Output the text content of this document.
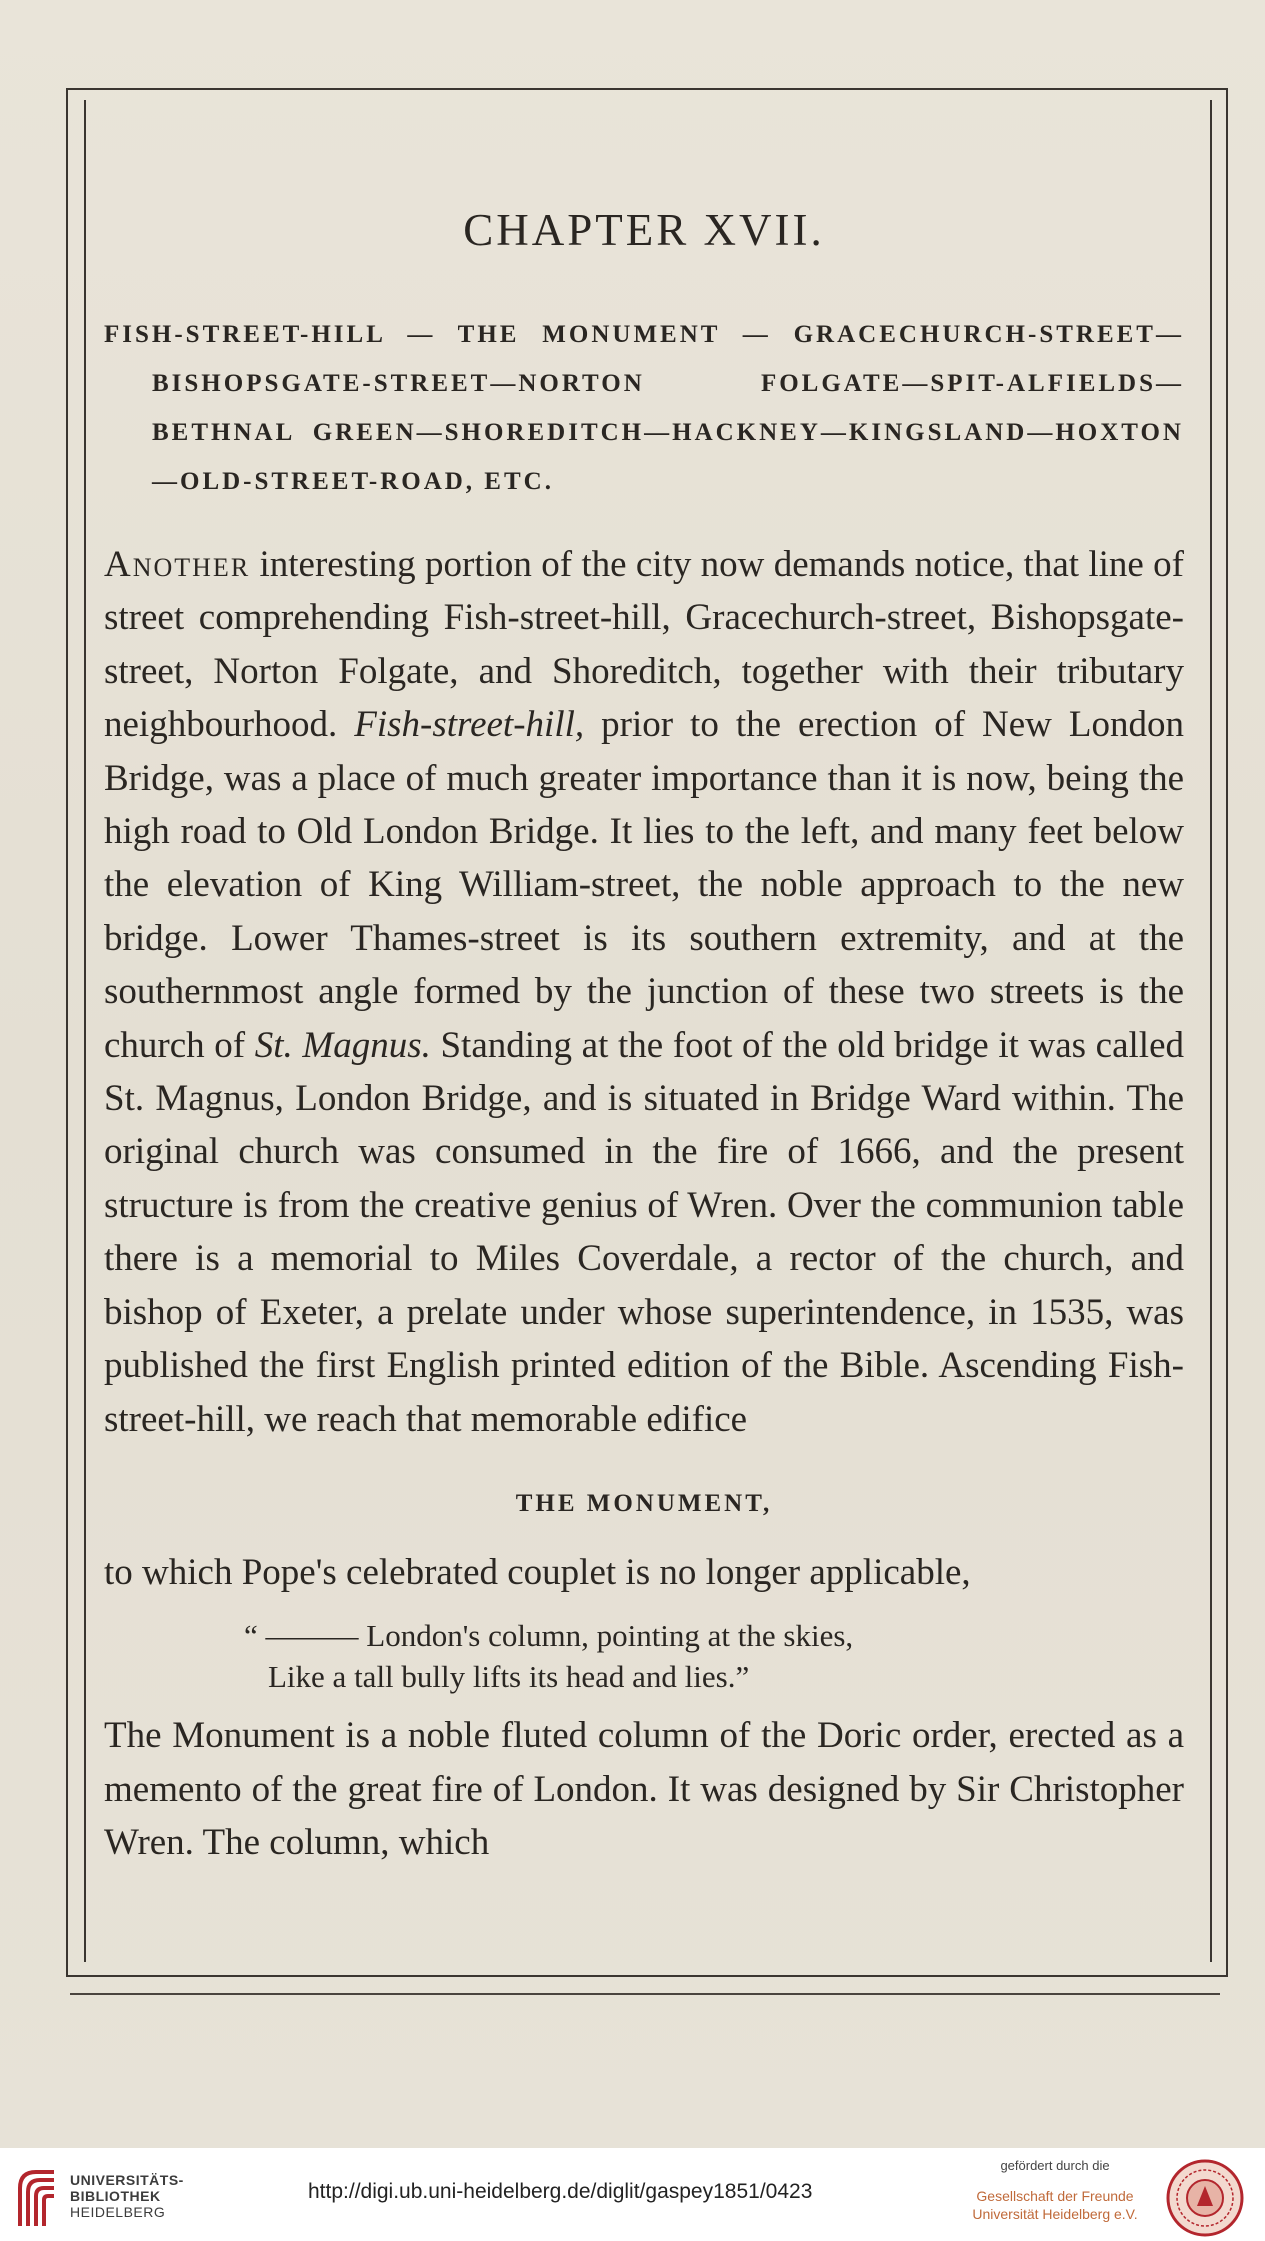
CHAPTER XVII.
FISH-STREET-HILL — THE MONUMENT — GRACECHURCH-STREET—BISHOPSGATE-STREET—NORTON FOLGATE—SPIT-ALFIELDS—BETHNAL GREEN—SHOREDITCH—HACKNEY—KINGSLAND—HOXTON —OLD-STREET-ROAD, ETC.

Another interesting portion of the city now demands notice, that line of street comprehending Fish-street-hill, Gracechurch-street, Bishopsgate-street, Norton Folgate, and Shoreditch, together with their tributary neighbourhood. Fish-street-hill, prior to the erection of New London Bridge, was a place of much greater importance than it is now, being the high road to Old London Bridge. It lies to the left, and many feet below the elevation of King William-street, the noble approach to the new bridge. Lower Thames-street is its southern extremity, and at the southernmost angle formed by the junction of these two streets is the church of St. Magnus. Standing at the foot of the old bridge it was called St. Magnus, London Bridge, and is situated in Bridge Ward within. The original church was consumed in the fire of 1666, and the present structure is from the creative genius of Wren. Over the communion table there is a memorial to Miles Coverdale, a rector of the church, and bishop of Exeter, a prelate under whose superintendence, in 1535, was published the first English printed edition of the Bible. Ascending Fish-street-hill, we reach that memorable edifice

THE MONUMENT,

to which Pope's celebrated couplet is no longer applicable,

“ ——— London's column, pointing at the skies,
Like a tall bully lifts its head and lies.”

The Monument is a noble fluted column of the Doric order, erected as a memento of the great fire of London. It was designed by Sir Christopher Wren. The column, which

UNIVERSITÄTS-
BIBLIOTHEK
HEIDELBERG
http://digi.ub.uni-heidelberg.de/diglit/gaspey1851/0423
gefördert durch die
Gesellschaft der Freunde
Universität Heidelberg e.V.
